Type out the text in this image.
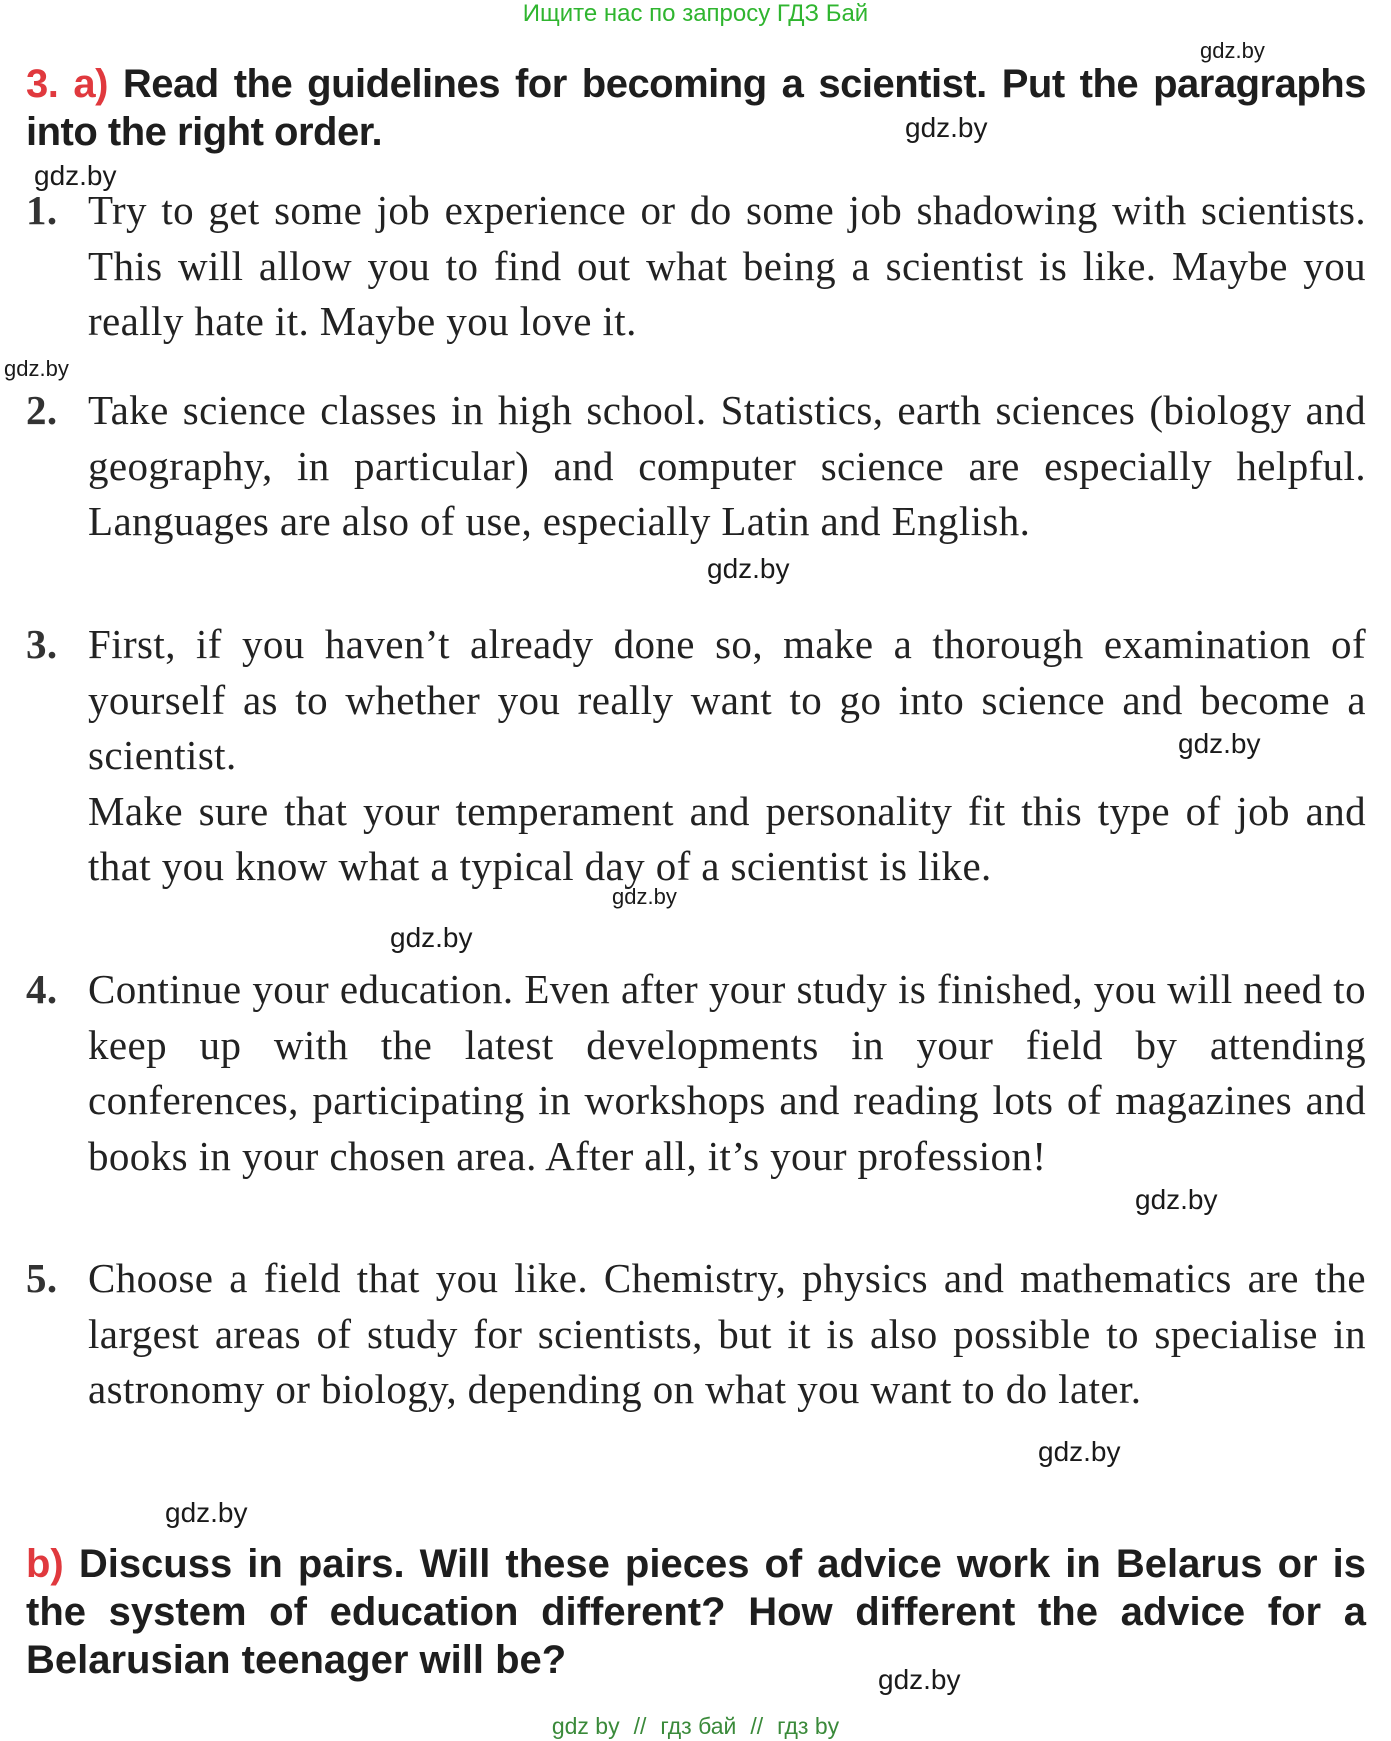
Ищите нас по запросу ГДЗ Бай
3. a) Read the guidelines for becoming a scientist. Put the paragraphs into the right order.
1. Try to get some job experience or do some job shadowing with scientists. This will allow you to find out what being a scientist is like. Maybe you really hate it. Maybe you love it.
2. Take science classes in high school. Statistics, earth sciences (biology and geography, in particular) and computer science are especially helpful. Languages are also of use, especially Latin and English.
3. First, if you haven’t already done so, make a thorough examination of yourself as to whether you really want to go into science and become a scientist.
Make sure that your temperament and personality fit this type of job and that you know what a typical day of a scientist is like.
4. Continue your education. Even after your study is finished, you will need to keep up with the latest developments in your field by attending conferences, participating in workshops and reading lots of magazines and books in your chosen area. After all, it’s your profession!
5. Choose a field that you like. Chemistry, physics and mathematics are the largest areas of study for scientists, but it is also possible to specialise in astronomy or biology, depending on what you want to do later.
b) Discuss in pairs. Will these pieces of advice work in Belarus or is the system of education different? How different the advice for a Belarusian teenager will be?
gdz.by
gdz.by
gdz.by
gdz.by
gdz.by
gdz.by
gdz.by
gdz.by
gdz.by
gdz.by
gdz.by
gdz.by
gdz by // гдз бай // гдз by
